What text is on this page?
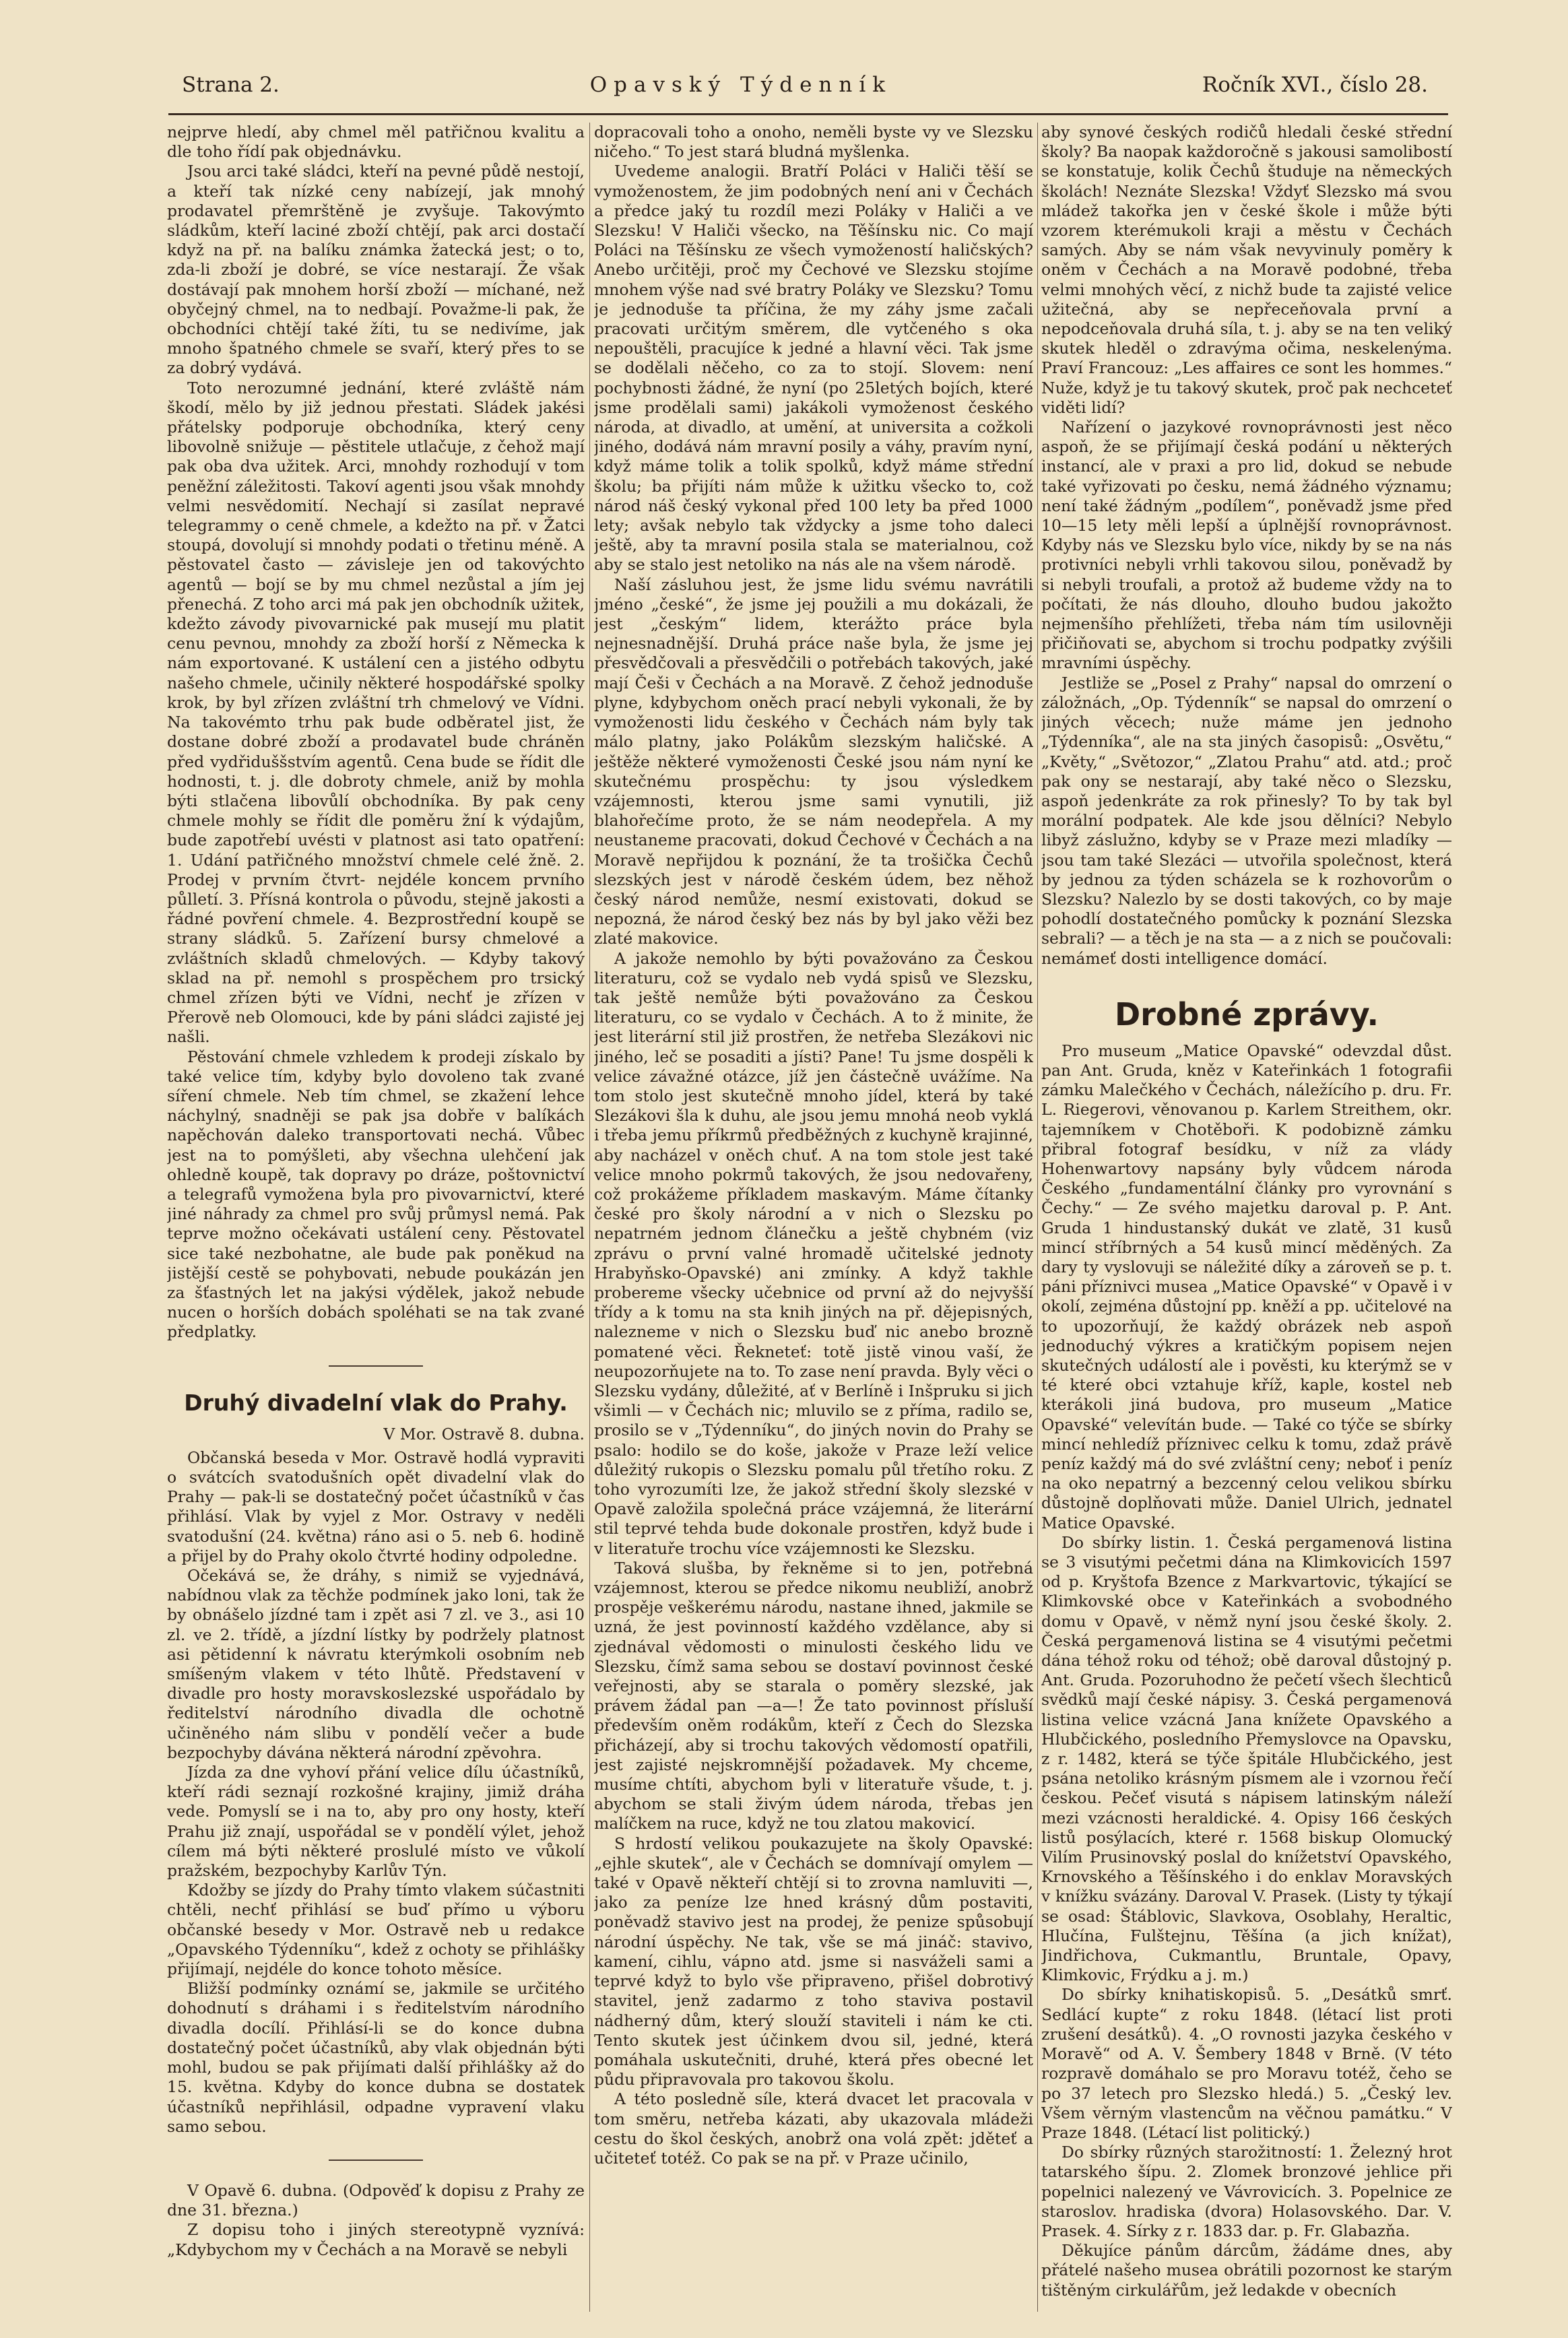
Strana 2.	Opavský Týdenník	Ročník XVI., číslo 28.

nejprve hledí, aby chmel měl patřičnou kvalitu a dle toho řídí pak objednávku.

Jsou arci také sládci, kteří na pevné půdě nestojí, a kteří tak nízké ceny nabízejí, jak mnohý prodavatel přemrštěně je zvyšuje. Takovýmto sládkům, kteří laciné zboží chtějí, pak arci dostačí když na př. na balíku známka žatecká jest; o to, zda-li zboží je dobré, se více nestarají. Že však dostávají pak mnohem horší zboží — míchané, než obyčejný chmel, na to nedbají. Považme-li pak, že obchodníci chtějí také žíti, tu se nedivíme, jak mnoho špatného chmele se svaří, který přes to se za dobrý vydává.

Toto nerozumné jednání, které zvláště nám škodí, mělo by již jednou přestati. Sládek jakési přátelsky podporuje obchodníka, který ceny libovolně snižuje — pěstitele utlačuje, z čehož mají pak oba dva užitek. Arci, mnohdy rozhodují v tom peněžní záležitosti. Takoví agenti jsou však mnohdy velmi nesvědomití. Nechají si zasílat nepravé telegrammy o ceně chmele, a kdežto na př. v Žatci stoupá, dovolují si mnohdy podati o třetinu méně. A pěstovatel často — závisleje jen od takovýchto agentů — bojí se by mu chmel nezůstal a jím jej přenechá. Z toho arci má pak jen obchodník užitek, kdežto závody pivovarnické pak musejí mu platit cenu pevnou, mnohdy za zboží horší z Německa k nám exportované. K ustálení cen a jistého odbytu našeho chmele, učinily některé hospodářské spolky krok, by byl zřízen zvláštní trh chmelový ve Vídni. Na takovémto trhu pak bude odběratel jist, že dostane dobré zboží a prodavatel bude chráněn před vydřiduššstvím agentů. Cena bude se řídit dle hodnosti, t. j. dle dobroty chmele, aniž by mohla býti stlačena libovůlí obchodníka. By pak ceny chmele mohly se řídit dle poměru žní k výdajům, bude zapotřebí uvésti v platnost asi tato opatření: 1. Udání patřičného množství chmele celé žně. 2. Prodej v prvním čtvrt- nejdéle koncem prvního půlletí. 3. Přísná kontrola o původu, stejně jakosti a řádné povření chmele. 4. Bezprostřední koupě se strany sládků. 5. Zařízení bursy chmelové a zvláštních skladů chmelových. — Kdyby takový sklad na př. nemohl s prospěchem pro trsický chmel zřízen býti ve Vídni, nechť je zřízen v Přerově neb Olomouci, kde by páni sládci zajisté jej našli.

Pěstování chmele vzhledem k prodeji získalo by také velice tím, kdyby bylo dovoleno tak zvané síření chmele. Neb tím chmel, se zkažení lehce náchylný, snadněji se pak jsa dobře v balíkách napěchován daleko transportovati nechá. Vůbec jest na to pomýšleti, aby všechna ulehčení jak ohledně koupě, tak dopravy po dráze, poštovnictví a telegrafů vymožena byla pro pivovarnictví, které jiné náhrady za chmel pro svůj průmysl nemá. Pak teprve možno očekávati ustálení ceny. Pěstovatel sice také nezbohatne, ale bude pak poněkud na jistější cestě se pohybovati, nebude poukázán jen za šťastných let na jakýsi výdělek, jakož nebude nucen o horších dobách spoléhati se na tak zvané předplatky.

Druhý divadelní vlak do Prahy.
V Mor. Ostravě 8. dubna.

Občanská beseda v Mor. Ostravě hodlá vypraviti o svátcích svatodušních opět divadelní vlak do Prahy — pak-li se dostatečný počet účastníků v čas přihlásí. Vlak by vyjel z Mor. Ostravy v neděli svatodušní (24. května) ráno asi o 5. neb 6. hodině a přijel by do Prahy okolo čtvrté hodiny odpoledne.

Očekává se, že dráhy, s nimiž se vyjednává, nabídnou vlak za těchže podmínek jako loni, tak že by obnášelo jízdné tam i zpět asi 7 zl. ve 3., asi 10 zl. ve 2. třídě, a jízdní lístky by podržely platnost asi pětidenní k návratu kterýmkoli osobním neb smíšeným vlakem v této lhůtě. Představení v divadle pro hosty moravskoslezské uspořádalo by ředitelství národního divadla dle ochotně učiněného nám slibu v pondělí večer a bude bezpochyby dávána některá národní zpěvohra.

Jízda za dne vyhoví přání velice dílu účastníků, kteří rádi seznají rozkošné krajiny, jimiž dráha vede. Pomyslí se i na to, aby pro ony hosty, kteří Prahu již znají, uspořádal se v pondělí výlet, jehož cílem má býti některé proslulé místo ve vůkolí pražském, bezpochyby Karlův Týn.

Kdožby se jízdy do Prahy tímto vlakem súčastniti chtěli, nechť přihlásí se buď přímo u výboru občanské besedy v Mor. Ostravě neb u redakce „Opavského Týdenníku“, kdež z ochoty se přihlášky přijímají, nejdéle do konce tohoto měsíce.

Bližší podmínky oznámí se, jakmile se určitého dohodnutí s dráhami i s ředitelstvím národního divadla docílí. Přihlásí-li se do konce dubna dostatečný počet účastníků, aby vlak objednán býti mohl, budou se pak přijímati další přihlášky až do 15. května. Kdyby do konce dubna se dostatek účastníků nepřihlásil, odpadne vypravení vlaku samo sebou.

V Opavě 6. dubna. (Odpověď k dopisu z Prahy ze dne 31. března.)

Z dopisu toho i jiných stereotypně vyznívá: „Kdybychom my v Čechách a na Moravě se nebyli

dopracovali toho a onoho, neměli byste vy ve Slezsku ničeho.“ To jest stará bludná myšlenka.

Uvedeme analogii. Bratří Poláci v Haliči těší se vymoženostem, že jim podobných není ani v Čechách a předce jaký tu rozdíl mezi Poláky v Haliči a ve Slezsku! V Haliči všecko, na Těšínsku nic. Co mají Poláci na Těšínsku ze všech vymožeností haličských? Anebo určitěji, proč my Čechové ve Slezsku stojíme mnohem výše nad své bratry Poláky ve Slezsku? Tomu je jednoduše ta příčina, že my záhy jsme začali pracovati určitým směrem, dle vytčeného s oka nepouštěli, pracujíce k jedné a hlavní věci. Tak jsme se dodělali něčeho, co za to stojí. Slovem: není pochybnosti žádné, že nyní (po 25letých bojích, které jsme prodělali sami) jakákoli vymoženost českého národa, at divadlo, at umění, at universita a cožkoli jiného, dodává nám mravní posily a váhy, pravím nyní, když máme tolik a tolik spolků, když máme střední školu; ba přijíti nám může k užitku všecko to, což národ náš český vykonal před 100 lety ba před 1000 lety; avšak nebylo tak vždycky a jsme toho daleci ještě, aby ta mravní posila stala se materialnou, což aby se stalo jest netoliko na nás ale na všem národě.

Naší zásluhou jest, že jsme lidu svému navrátili jméno „české“, že jsme jej použili a mu dokázali, že jest „českým“ lidem, kterážto práce byla nejnesnadnější. Druhá práce naše byla, že jsme jej přesvědčovali a přesvědčili o potřebách takových, jaké mají Češi v Čechách a na Moravě. Z čehož jednoduše plyne, kdybychom oněch prací nebyli vykonali, že by vymoženosti lidu českého v Čechách nám byly tak málo platny, jako Polákům slezským haličské. A ještěže některé vymoženosti České jsou nám nyní ke skutečnému prospěchu: ty jsou výsledkem vzájemnosti, kterou jsme sami vynutili, již blahořečíme proto, že se nám neodepřela. A my neustaneme pracovati, dokud Čechové v Čechách a na Moravě nepřijdou k poznání, že ta trošička Čechů slezských jest v národě českém údem, bez něhož český národ nemůže, nesmí existovati, dokud se nepozná, že národ český bez nás by byl jako věži bez zlaté makovice.

A jakože nemohlo by býti považováno za Českou literaturu, což se vydalo neb vydá spisů ve Slezsku, tak ještě nemůže býti považováno za Českou literaturu, co se vydalo v Čechách. A to ž minite, že jest literární stil již prostřen, že netřeba Slezákovi nic jiného, leč se posaditi a jísti? Pane! Tu jsme dospěli k velice závažné otázce, jíž jen částečně uvážíme. Na tom stolo jest skutečně mnoho jídel, která by také Slezákovi šla k duhu, ale jsou jemu mnohá neob vyklá i třeba jemu příkrmů předběžných z kuchyně krajinné, aby nacházel v oněch chuť. A na tom stole jest také velice mnoho pokrmů takových, že jsou nedovařeny, což prokážeme příkladem maskavým. Máme čítanky české pro školy národní a v nich o Slezsku po nepatrném jednom článečku a ještě chybném (viz zprávu o první valné hromadě učitelské jednoty Hrabyňsko-Opavské) ani zmínky. A když takhle probereme všecky učebnice od první až do nejvyšší třídy a k tomu na sta knih jiných na př. dějepisných, nalezneme v nich o Slezsku buď nic anebo brozně pomatené věci. Řekneteť: totě jistě vinou vaší, že neupozorňujete na to. To zase není pravda. Byly věci o Slezsku vydány, důležité, ať v Berlíně i Inšpruku si jich všimli — v Čechách nic; mluvilo se z příma, radilo se, prosilo se v „Týdenníku“, do jiných novin do Prahy se psalo: hodilo se do koše, jakože v Praze leží velice důležitý rukopis o Slezsku pomalu půl třetího roku. Z toho vyrozumíti lze, že jakož střední školy slezské v Opavě založila společná práce vzájemná, že literární stil teprvé tehda bude dokonale prostřen, když bude i v literatuře trochu více vzájemnosti ke Slezsku.

Taková slušba, by řekněme si to jen, potřebná vzájemnost, kterou se předce nikomu neubliží, anobrž prospěje veškerému národu, nastane ihned, jakmile se uzná, že jest povinností každého vzdělance, aby si zjednával vědomosti o minulosti českého lidu ve Slezsku, čímž sama sebou se dostaví povinnost české veřejnosti, aby se starala o poměry slezské, jak právem žádal pan —a—! Že tato povinnost přísluší především oněm rodákům, kteří z Čech do Slezska přicházejí, aby si trochu takových vědomostí opatřili, jest zajisté nejskromnější požadavek. My chceme, musíme chtíti, abychom byli v literatuře všude, t. j. abychom se stali živým údem národa, třebas jen malíčkem na ruce, když ne tou zlatou makovicí.

S hrdostí velikou poukazujete na školy Opavské: „ejhle skutek“, ale v Čechách se domnívají omylem — také v Opavě někteří chtějí si to zrovna namluviti —, jako za peníze lze hned krásný dům postaviti, poněvadž stavivo jest na prodej, že penize spůsobují národní úspěchy. Ne tak, vše se má jináč: stavivo, kamení, cihlu, vápno atd. jsme si nasváželi sami a teprvé když to bylo vše připraveno, přišel dobrotivý stavitel, jenž zadarmo z toho staviva postavil nádherný dům, který slouží staviteli i nám ke cti. Tento skutek jest účinkem dvou sil, jedné, která pomáhala uskutečniti, druhé, která přes obecné let půdu připravovala pro takovou školu.

A této posledně síle, která dvacet let pracovala v tom směru, netřeba kázati, aby ukazovala mládeži cestu do škol českých, anobrž ona volá zpět: jděteť a učiteteť totéž. Co pak se na př. v Praze učinilo,

aby synové českých rodičů hledali české střední školy? Ba naopak každoročně s jakousi samolibostí se konstatuje, kolik Čechů študuje na německých školách! Neznáte Slezska! Vždyť Slezsko má svou mládež takořka jen v české škole i může býti vzorem kterémukoli kraji a městu v Čechách samých. Aby se nám však nevyvinuly poměry k oněm v Čechách a na Moravě podobné, třeba velmi mnohých věcí, z nichž bude ta zajisté velice užitečná, aby se nepřeceňovala první a nepodceňovala druhá síla, t. j. aby se na ten veliký skutek hleděl o zdravýma očima, neskelenýma. Praví Francouz: „Les affaires ce sont les hommes.“ Nuže, když je tu takový skutek, proč pak nechceteť viděti lidí?

Nařízení o jazykové rovnoprávnosti jest něco aspoň, že se přijímají česká podání u některých instancí, ale v praxi a pro lid, dokud se nebude také vyřizovati po česku, nemá žádného významu; není také žádným „podílem“, poněvadž jsme před 10—15 lety měli lepší a úplnější rovnoprávnost. Kdyby nás ve Slezsku bylo více, nikdy by se na nás protivníci nebyli vrhli takovou silou, poněvadž by si nebyli troufali, a protož až budeme vždy na to počítati, že nás dlouho, dlouho budou jakožto nejmenšího přehlížeti, třeba nám tím usilovněji přičiňovati se, abychom si trochu podpatky zvýšili mravními úspěchy.

Jestliže se „Posel z Prahy“ napsal do omrzení o záložnách, „Op. Týdenník“ se napsal do omrzení o jiných věcech; nuže máme jen jednoho „Týdenníka“, ale na sta jiných časopisů: „Osvětu,“ „Květy,“ „Světozor,“ „Zlatou Prahu“ atd. atd.; proč pak ony se nestarají, aby také něco o Slezsku, aspoň jedenkráte za rok přinesly? To by tak byl morální podpatek. Ale kde jsou dělníci? Nebylo libyž záslužno, kdyby se v Praze mezi mladíky — jsou tam také Slezáci — utvořila společnost, která by jednou za týden scházela se k rozhovorům o Slezsku? Nalezlo by se dosti takových, co by maje pohodlí dostatečného pomůcky k poznání Slezska sebrali? — a těch je na sta — a z nich se poučovali: nemámeť dosti intelligence domácí.

Drobné zprávy.

Pro museum „Matice Opavské“ odevzdal důst. pan Ant. Gruda, kněz v Kateřinkách 1 fotografii zámku Malečkého v Čechách, náležícího p. dru. Fr. L. Riegerovi, věnovanou p. Karlem Streithem, okr. tajemníkem v Chotěboři. K podobizně zámku přibral fotograf besídku, v níž za vlády Hohenwartovy napsány byly vůdcem národa Českého „fundamentální články pro vyrovnání s Čechy.“ — Ze svého majetku daroval p. P. Ant. Gruda 1 hindustanský dukát ve zlatě, 31 kusů mincí stříbrných a 54 kusů mincí měděných. Za dary ty vyslovuji se náležité díky a zároveň se p. t. páni příznivci musea „Matice Opavské“ v Opavě i v okolí, zejména důstojní pp. kněží a pp. učitelové na to upozorňují, že každý obrázek neb aspoň jednoduchý výkres a kratičkým popisem nejen skutečných událostí ale i pověsti, ku kterýmž se v té které obci vztahuje kříž, kaple, kostel neb kterákoli jiná budova, pro museum „Matice Opavské“ velevítán bude. — Také co týče se sbírky mincí nehledíž příznivec celku k tomu, zdaž právě peníz každý má do své zvláštní ceny; neboť i peníz na oko nepatrný a bezcenný celou velikou sbírku důstojně doplňovati může. Daniel Ulrich, jednatel Matice Opavské.

Do sbírky listin. 1. Česká pergamenová listina se 3 visutými pečetmi dána na Klimkovicích 1597 od p. Kryštofa Bzence z Markvartovic, týkající se Klimkovské obce v Kateřinkách a svobodného domu v Opavě, v němž nyní jsou české školy. 2. Česká pergamenová listina se 4 visutými pečetmi dána téhož roku od téhož; obě daroval důstojný p. Ant. Gruda. Pozoruhodno že pečetí všech šlechticů svědků mají české nápisy. 3. Česká pergamenová listina velice vzácná Jana knížete Opavského a Hlubčického, posledního Přemyslovce na Opavsku, z r. 1482, která se týče špitále Hlubčického, jest psána netoliko krásným písmem ale i vzornou řečí českou. Pečeť visutá s nápisem latinským náleží mezi vzácnosti heraldické. 4. Opisy 166 českých listů posýlacích, které r. 1568 biskup Olomucký Vilím Prusinovský poslal do knížetství Opavského, Krnovského a Těšínského i do enklav Moravských v knížku svázány. Daroval V. Prasek. (Listy ty týkají se osad: Štáblovic, Slavkova, Osoblahy, Heraltic, Hlučína, Fulštejnu, Těšína (a jich knížat), Jindřichova, Cukmantlu, Bruntale, Opavy, Klimkovic, Frýdku a j. m.)

Do sbírky knihatiskopisů. 5. „Desátků smrť. Sedlácí kupte“ z roku 1848. (létací list proti zrušení desátků). 4. „O rovnosti jazyka českého v Moravě“ od A. V. Šembery 1848 v Brně. (V této rozpravě domáhalo se pro Moravu totéž, čeho se po 37 letech pro Slezsko hledá.) 5. „Český lev. Všem věrným vlastencům na věčnou památku.“ V Praze 1848. (Létací list politický.)

Do sbírky různých starožitností: 1. Železný hrot tatarského šípu. 2. Zlomek bronzové jehlice při popelnici nalezený ve Vávrovicích. 3. Popelnice ze staroslov. hradiska (dvora) Holasovského. Dar. V. Prasek. 4. Sírky z r. 1833 dar. p. Fr. Glabazňa.

Děkujíce pánům dárcům, žádáme dnes, aby přátelé našeho musea obrátili pozornost ke starým tištěným cirkulářům, jež ledakde v obecních
